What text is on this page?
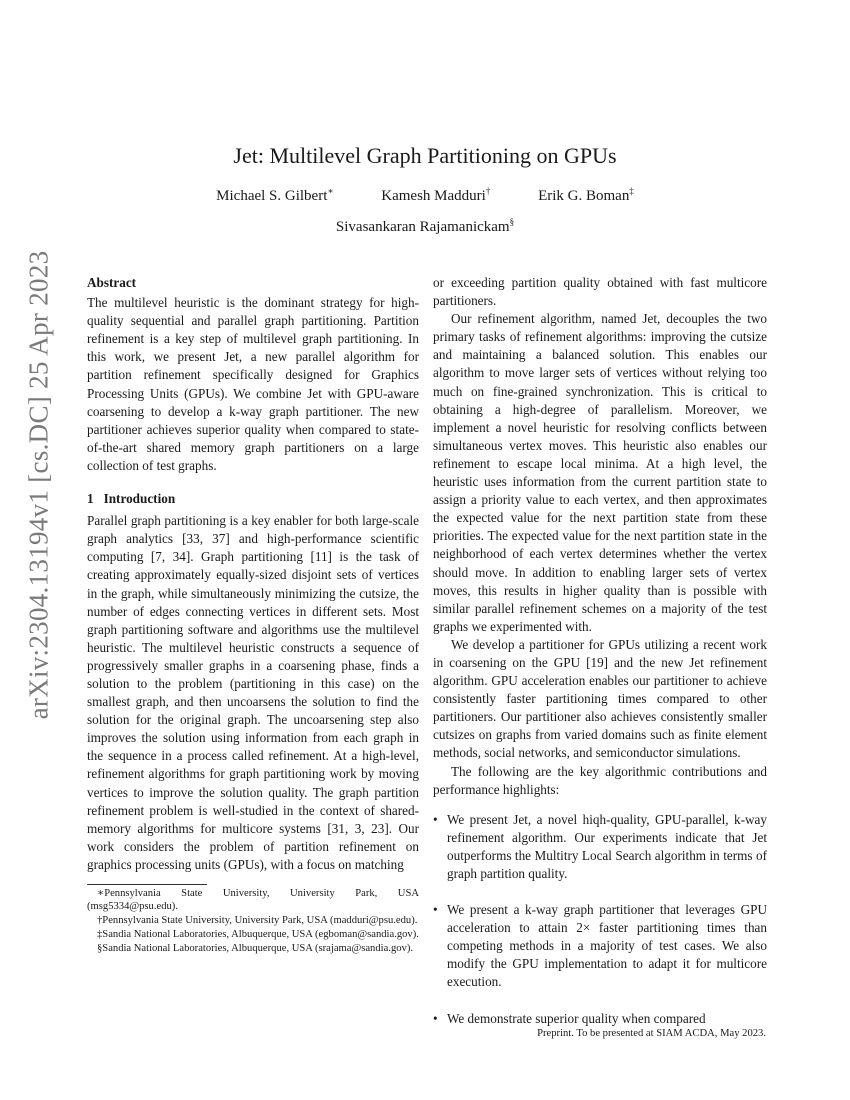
arXiv:2304.13194v1 [cs.DC] 25 Apr 2023
Jet: Multilevel Graph Partitioning on GPUs
Michael S. Gilbert∗	Kamesh Madduri†	Erik G. Boman‡
Sivasankaran Rajamanickam§
Abstract

The multilevel heuristic is the dominant strategy for high-quality sequential and parallel graph partitioning. Partition refinement is a key step of multilevel graph partitioning. In this work, we present Jet, a new parallel algorithm for partition refinement specifically designed for Graphics Processing Units (GPUs). We combine Jet with GPU-aware coarsening to develop a k-way graph partitioner. The new partitioner achieves superior quality when compared to state-of-the-art shared memory graph partitioners on a large collection of test graphs.

1 Introduction

Parallel graph partitioning is a key enabler for both large-scale graph analytics [33, 37] and high-performance scientific computing [7, 34]. Graph partitioning [11] is the task of creating approximately equally-sized disjoint sets of vertices in the graph, while simultaneously minimizing the cutsize, the number of edges connecting vertices in different sets. Most graph partitioning software and algorithms use the multilevel heuristic. The multilevel heuristic constructs a sequence of progressively smaller graphs in a coarsening phase, finds a solution to the problem (partitioning in this case) on the smallest graph, and then uncoarsens the solution to find the solution for the original graph. The uncoarsening step also improves the solution using information from each graph in the sequence in a process called refinement. At a high-level, refinement algorithms for graph partitioning work by moving vertices to improve the solution quality. The graph partition refinement problem is well-studied in the context of shared-memory algorithms for multicore systems [31, 3, 23]. Our work considers the problem of partition refinement on graphics processing units (GPUs), with a focus on matching

∗Pennsylvania State University, University Park, USA (msg5334@psu.edu).

†Pennsylvania State University, University Park, USA (madduri@psu.edu).

‡Sandia National Laboratories, Albuquerque, USA (egboman@sandia.gov).

§Sandia National Laboratories, Albuquerque, USA (srajama@sandia.gov).

or exceeding partition quality obtained with fast multicore partitioners.

Our refinement algorithm, named Jet, decouples the two primary tasks of refinement algorithms: improving the cutsize and maintaining a balanced solution. This enables our algorithm to move larger sets of vertices without relying too much on fine-grained synchronization. This is critical to obtaining a high-degree of parallelism. Moreover, we implement a novel heuristic for resolving conflicts between simultaneous vertex moves. This heuristic also enables our refinement to escape local minima. At a high level, the heuristic uses information from the current partition state to assign a priority value to each vertex, and then approximates the expected value for the next partition state from these priorities. The expected value for the next partition state in the neighborhood of each vertex determines whether the vertex should move. In addition to enabling larger sets of vertex moves, this results in higher quality than is possible with similar parallel refinement schemes on a majority of the test graphs we experimented with.

We develop a partitioner for GPUs utilizing a recent work in coarsening on the GPU [19] and the new Jet refinement algorithm. GPU acceleration enables our partitioner to achieve consistently faster partitioning times compared to other partitioners. Our partitioner also achieves consistently smaller cutsizes on graphs from varied domains such as finite element methods, social networks, and semiconductor simulations.

The following are the key algorithmic contributions and performance highlights:

• We present Jet, a novel hiqh-quality, GPU-parallel, k-way refinement algorithm. Our experiments indicate that Jet outperforms the Multitry Local Search algorithm in terms of graph partition quality.
• We present a k-way graph partitioner that leverages GPU acceleration to attain 2× faster partitioning times than competing methods in a majority of test cases. We also modify the GPU implementation to adapt it for multicore execution.
• We demonstrate superior quality when compared
Preprint. To be presented at SIAM ACDA, May 2023.
